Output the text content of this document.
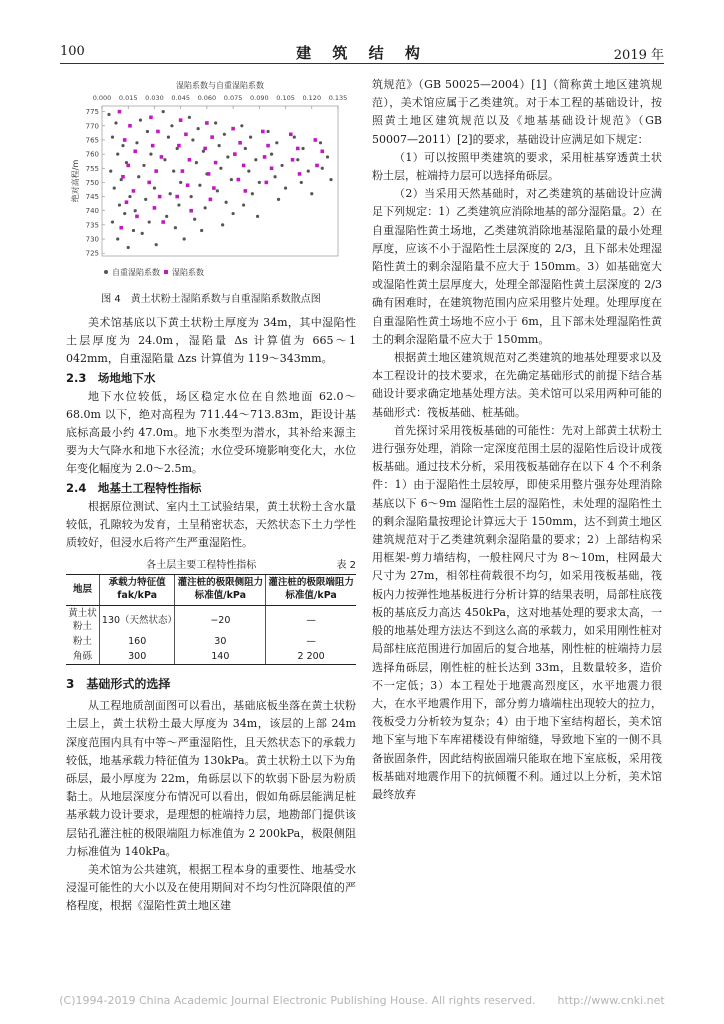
100	建 筑 结 构	2019 年
湿陷系数与自重湿陷系数
绝对高程/m
0.000 0.015 0.030 0.045 0.060 0.075 0.090 0.105 0.120 0.135
725
730
735
740
745
750
755
760
765
770
775
自重湿陷系数 湿陷系数
图 4　黄土状粉土湿陷系数与自重湿陷系数散点图

美术馆基底以下黄土状粉土厚度为 34m，其中湿陷性土层厚度为 24.0m，湿陷量 Δs 计算值为 665～1 042mm，自重湿陷量 Δzs 计算值为 119～343mm。

2.3　场地地下水

地下水位较低，场区稳定水位在自然地面 62.0～68.0m 以下，绝对高程为 711.44～713.83m，距设计基底标高最小约 47.0m。地下水类型为潜水，其补给来源主要为大气降水和地下水径流；水位受环境影响变化大，水位年变化幅度为 2.0～2.5m。

2.4　地基土工程特性指标

根据原位测试、室内土工试验结果，黄土状粉土含水量较低，孔隙较为发育，土呈稍密状态，天然状态下土力学性质较好，但浸水后将产生严重湿陷性。

各土层主要工程特性指标	表 2
地层	承载力特征值 fak/kPa	灌注桩的极限侧阻力标准值/kPa	灌注桩的极限端阻力标准值/kPa

黄土状粉土	130（天然状态）	−20	—
粉土	160	30	—
角砾	300	140	2 200
3　基础形式的选择

从工程地质剖面图可以看出，基础底板坐落在黄土状粉土层上，黄土状粉土最大厚度为 34m，该层的上部 24m 深度范围内具有中等～严重湿陷性，且天然状态下的承载力较低，地基承载力特征值为 130kPa。黄土状粉土以下为角砾层，最小厚度为 22m，角砾层以下的软弱下卧层为粉质黏土。从地层深度分布情况可以看出，假如角砾层能满足桩基承载力设计要求，是理想的桩端持力层，地勘部门提供该层钻孔灌注桩的极限端阻力标准值为 2 200kPa，极限侧阻力标准值为 140kPa。

美术馆为公共建筑，根据工程本身的重要性、地基受水浸湿可能性的大小以及在使用期间对不均匀性沉降限值的严格程度，根据《湿陷性黄土地区建

筑规范》（GB 50025—2004）[1]（简称黄土地区建筑规范），美术馆应属于乙类建筑。对于本工程的基础设计，按照黄土地区建筑规范以及《地基基础设计规范》（GB 50007—2011）[2]的要求，基础设计应满足如下规定：

（1）可以按照甲类建筑的要求，采用桩基穿透黄土状粉土层，桩端持力层可以选择角砾层。

（2）当采用天然基础时，对乙类建筑的基础设计应满足下列规定：1）乙类建筑应消除地基的部分湿陷量。2）在自重湿陷性黄土场地，乙类建筑消除地基湿陷量的最小处理厚度，应该不小于湿陷性土层深度的 2/3，且下部未处理湿陷性黄土的剩余湿陷量不应大于 150mm。3）如基础宽大或湿陷性黄土层厚度大，处理全部湿陷性黄土层深度的 2/3 确有困难时，在建筑物范围内应采用整片处理。处理厚度在自重湿陷性黄土场地不应小于 6m，且下部未处理湿陷性黄土的剩余湿陷量不应大于 150mm。

根据黄土地区建筑规范对乙类建筑的地基处理要求以及本工程设计的技术要求，在先确定基础形式的前提下结合基础设计要求确定地基处理方法。美术馆可以采用两种可能的基础形式：筏板基础、桩基础。

首先探讨采用筏板基础的可能性：先对上部黄土状粉土进行强夯处理，消除一定深度范围土层的湿陷性后设计成筏板基础。通过技术分析，采用筏板基础存在以下 4 个不利条件：1）由于湿陷性土层较厚，即使采用整片强夯处理消除基底以下 6～9m 湿陷性土层的湿陷性，未处理的湿陷性土的剩余湿陷量按理论计算远大于 150mm，达不到黄土地区建筑规范对于乙类建筑剩余湿陷量的要求；2）上部结构采用框架-剪力墙结构，一般柱网尺寸为 8～10m，柱网最大尺寸为 27m，相邻柱荷载很不均匀，如采用筏板基础，筏板内力按弹性地基板进行分析计算的结果表明，局部柱底筏板的基底反力高达 450kPa，这对地基处理的要求太高，一般的地基处理方法达不到这么高的承载力，如采用刚性桩对局部柱底范围进行加固后的复合地基，刚性桩的桩端持力层选择角砾层，刚性桩的桩长达到 33m，且数量较多，造价不一定低；3）本工程处于地震高烈度区，水平地震力很大，在水平地震作用下，部分剪力墙端柱出现较大的拉力，筏板受力分析较为复杂；4）由于地下室结构超长，美术馆地下室与地下车库裙楼设有伸缩缝，导致地下室的一侧不具备嵌固条件，因此结构嵌固端只能取在地下室底板，采用筏板基础对地震作用下的抗倾覆不利。通过以上分析，美术馆最终放弃

(C)1994-2019 China Academic Journal Electronic Publishing House. All rights reserved.　　http://www.cnki.net
